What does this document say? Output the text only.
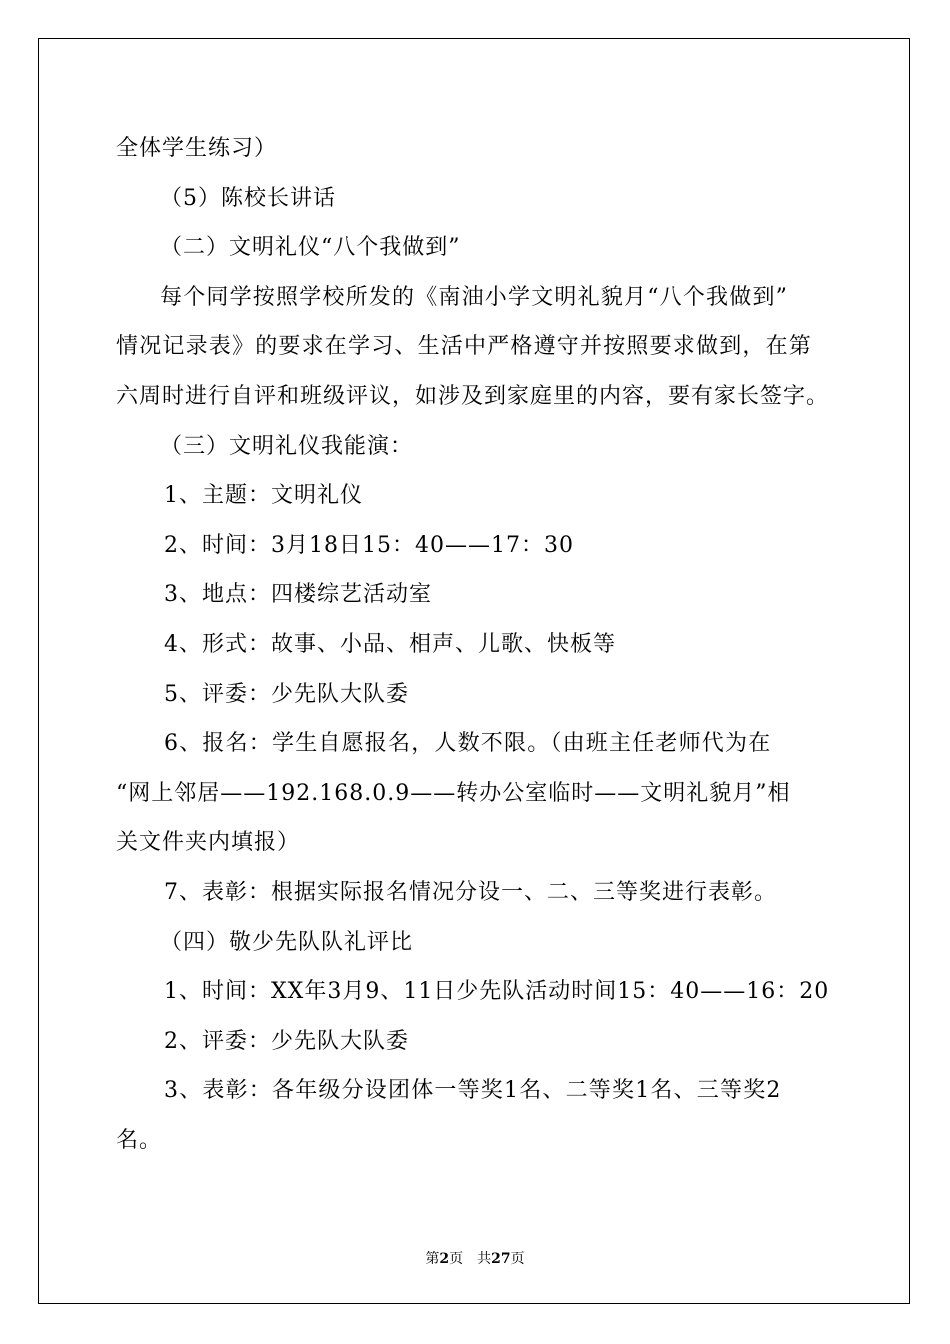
全体学生练习）
（5）陈校长讲话
（二）文明礼仪“八个我做到”
每个同学按照学校所发的《南油小学文明礼貌月“八个我做到”
情况记录表》的要求在学习、生活中严格遵守并按照要求做到，在第
六周时进行自评和班级评议，如涉及到家庭里的内容，要有家长签字。
（三）文明礼仪我能演：
1、主题：文明礼仪
2、时间：3月18日15：40——17：30
3、地点：四楼综艺活动室
4、形式：故事、小品、相声、儿歌、快板等
5、评委：少先队大队委
6、报名：学生自愿报名，人数不限。（由班主任老师代为在
“网上邻居——192.168.0.9——转办公室临时——文明礼貌月”相
关文件夹内填报）
7、表彰：根据实际报名情况分设一、二、三等奖进行表彰。
（四）敬少先队队礼评比
1、时间：XX年3月9、11日少先队活动时间15：40——16：20
2、评委：少先队大队委
3、表彰：各年级分设团体一等奖1名、二等奖1名、三等奖2
名。
第2页 共27页
